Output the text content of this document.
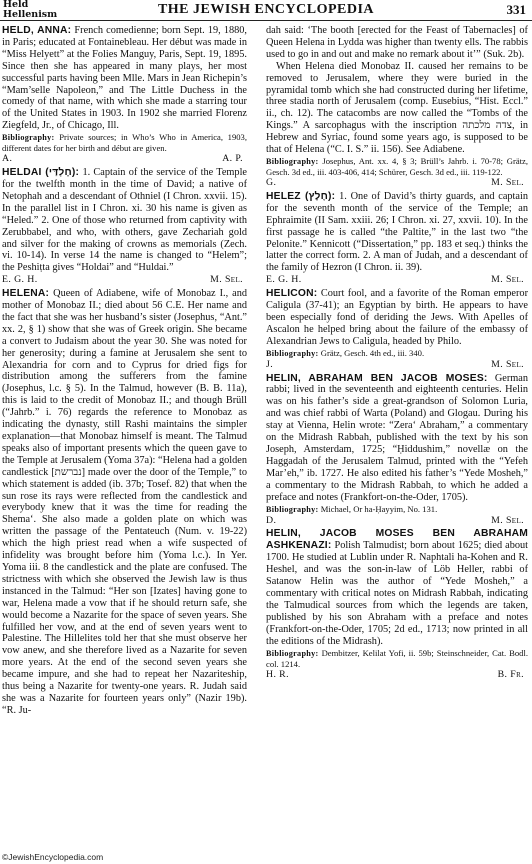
Held
Hellenism	THE JEWISH ENCYCLOPEDIA	331

HELD, ANNA: French comedienne; born Sept. 19, 1880, in Paris; educated at Fontainebleau. Her début was made in “Miss Helyett” at the Folies Manguy, Paris, Sept. 19, 1895. Since then she has appeared in many plays, her most successful parts having been Mlle. Mars in Jean Richepin’s “Mam’selle Napoleon,” and The Little Duchess in the comedy of that name, with which she made a starring tour of the United States in 1903. In 1902 she married Florenz Ziegfeld, Jr., of Chicago, Ill.

Bibliography: Private sources; in Who’s Who in America, 1903, different dates for her birth and début are given.

A.	A. P.

HELDAI (חֶלְדַּי): 1. Captain of the service of the Temple for the twelfth month in the time of David; a native of Netophah and a descendant of Othniel (I Chron. xxvii. 15). In the parallel list in I Chron. xi. 30 his name is given as “Heled.” 2. One of those who returned from captivity with Zerubbabel, and who, with others, gave Zechariah gold and silver for the making of crowns as memorials (Zech. vi. 10-14). In verse 14 the name is changed to “Helem”; the Peshiṭta gives “Holdai” and “Huldai.”

E. G. H.	M. Sel.

HELENA: Queen of Adiabene, wife of Monobaz I., and mother of Monobaz II.; died about 56 C.E. Her name and the fact that she was her husband’s sister (Josephus, “Ant.” xx. 2, § 1) show that she was of Greek origin. She became a convert to Judaism about the year 30. She was noted for her generosity; during a famine at Jerusalem she sent to Alexandria for corn and to Cyprus for dried figs for distribution among the sufferers from the famine (Josephus, l.c. § 5). In the Talmud, however (B. B. 11a), this is laid to the credit of Monobaz II.; and though Brüll (“Jahrb.” i. 76) regards the reference to Monobaz as indicating the dynasty, still Rashi maintains the simpler explanation—that Monobaz himself is meant. The Talmud speaks also of important presents which the queen gave to the Temple at Jerusalem (Yoma 37a): “Helena had a golden candlestick [נברשת] made over the door of the Temple,” to which statement is added (ib. 37b; Tosef. 82) that when the sun rose its rays were reflected from the candlestick and everybody knew that it was the time for reading the Shema‘. She also made a golden plate on which was written the passage of the Pentateuch (Num. v. 19-22) which the high priest read when a wife suspected of infidelity was brought before him (Yoma l.c.). In Yer. Yoma iii. 8 the candlestick and the plate are confused. The strictness with which she observed the Jewish law is thus instanced in the Talmud: “Her son [Izates] having gone to war, Helena made a vow that if he should return safe, she would become a Nazarite for the space of seven years. She fulfilled her vow, and at the end of seven years went to Palestine. The Hillelites told her that she must observe her vow anew, and she therefore lived as a Nazarite for seven more years. At the end of the second seven years she became impure, and she had to repeat her Nazariteship, thus being a Nazarite for twenty-one years. R. Judah said she was a Nazarite for fourteen years only” (Nazir 19b). “R. Ju-

dah said: ‘The booth [erected for the Feast of Tabernacles] of Queen Helena in Lydda was higher than twenty ells. The rabbis used to go in and out and make no remark about it’” (Suk. 2b).

When Helena died Monobaz II. caused her remains to be removed to Jerusalem, where they were buried in the pyramidal tomb which she had constructed during her lifetime, three stadia north of Jerusalem (comp. Eusebius, “Hist. Eccl.” ii., ch. 12). The catacombs are now called the “Tombs of the Kings.” A sarcophagus with the inscription צדה מלכתה, in Hebrew and Syriac, found some years ago, is supposed to be that of Helena (“C. I. S.” ii. 156). See Adiabene.

Bibliography: Josephus, Ant. xx. 4, § 3; Brüll’s Jahrb. i. 70-78; Grätz, Gesch. 3d ed., iii. 403-406, 414; Schürer, Gesch. 3d ed., iii. 119-122.

G.	M. Sel.

HELEZ (חֶלֶץ): 1. One of David’s thirty guards, and captain for the seventh month of the service of the Temple; an Ephraimite (II Sam. xxiii. 26; I Chron. xi. 27, xxvii. 10). In the first passage he is called “the Paltite,” in the last two “the Pelonite.” Kennicott (“Dissertation,” pp. 183 et seq.) thinks the latter the correct form. 2. A man of Judah, and a descendant of the family of Hezron (I Chron. ii. 39).

E. G. H.	M. Sel.

HELICON: Court fool, and a favorite of the Roman emperor Caligula (37-41); an Egyptian by birth. He appears to have been especially fond of deriding the Jews. With Apelles of Ascalon he helped bring about the failure of the embassy of Alexandrian Jews to Caligula, headed by Philo.

Bibliography: Grätz, Gesch. 4th ed., iii. 340.

J.	M. Sel.

HELIN, ABRAHAM BEN JACOB MOSES: German rabbi; lived in the seventeenth and eighteenth centuries. Helin was on his father’s side a great-grandson of Solomon Luria, and was chief rabbi of Warta (Poland) and Glogau. During his stay at Vienna, Helin wrote: “Zera‘ Abraham,” a commentary on the Midrash Rabbah, published with the text by his son Joseph, Amsterdam, 1725; “Ḥiddushim,” novellæ on the Haggadah of the Jerusalem Talmud, printed with the “Yefeh Mar’eh,” ib. 1727. He also edited his father’s “Yede Mosheh,” a commentary to the Midrash Rabbah, to which he added a preface and notes (Frankfort-on-the-Oder, 1705).

Bibliography: Michael, Or ha-Ḥayyim, No. 131.

D.	M. Sel.

HELIN, JACOB MOSES BEN ABRAHAM ASHKENAZI: Polish Talmudist; born about 1625; died about 1700. He studied at Lublin under R. Naphtali ha-Kohen and R. Heshel, and was the son-in-law of Löb Heller, rabbi of Satanow Helin was the author of “Yede Mosheh,” a commentary with critical notes on Midrash Rabbah, indicating the Talmudical sources from which the legends are taken, published by his son Abraham with a preface and notes (Frankfort-on-the-Oder, 1705; 2d ed., 1713; now printed in all the editions of the Midrash).

Bibliography: Dembitzer, Kelilat Yofi, ii. 59b; Steinschneider, Cat. Bodl. col. 1214.

H. R.	B. Fr.
©JewishEncyclopedia.com
